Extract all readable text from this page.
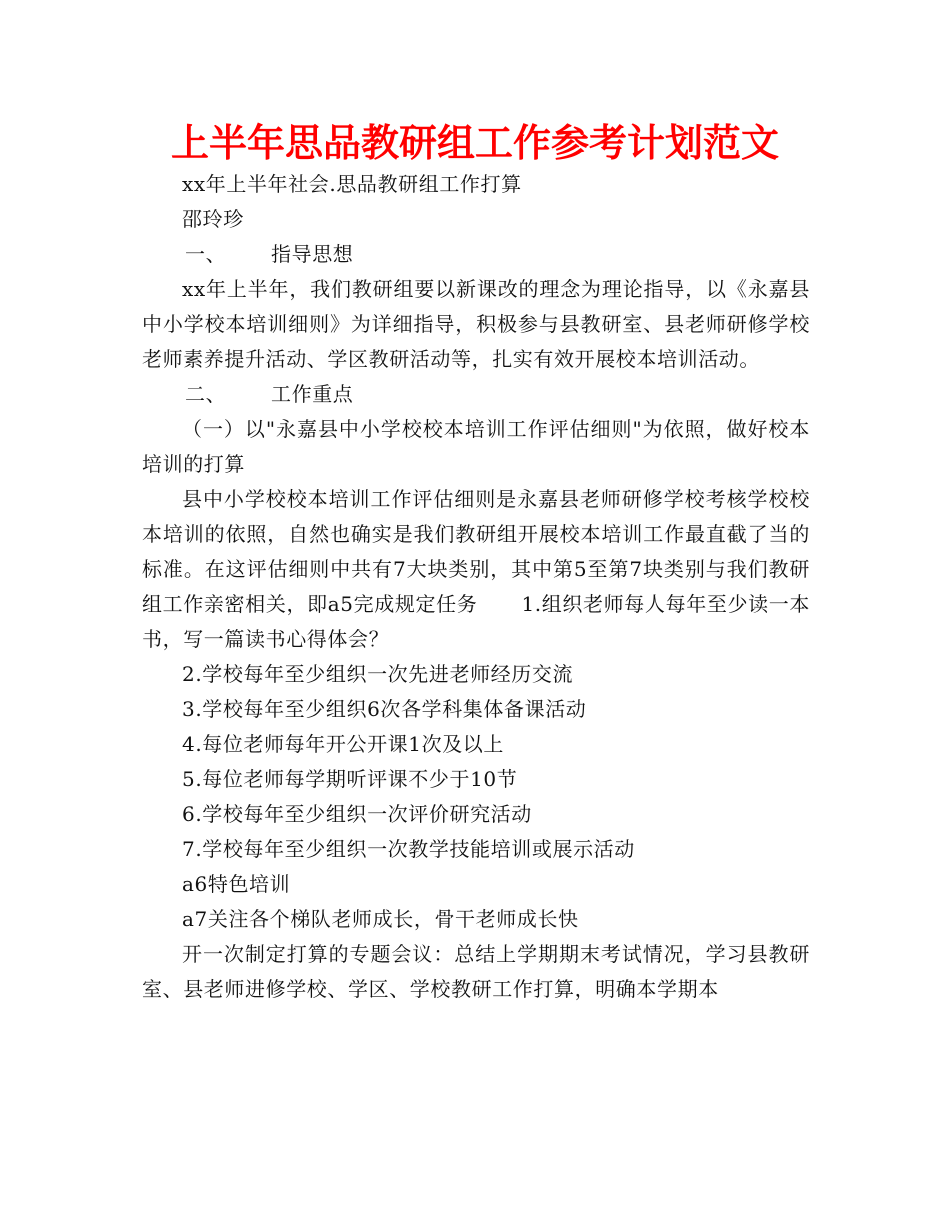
上半年思品教研组工作参考计划范文

xx年上半年社会.思品教研组工作打算

邵玲珍

一、 指导思想

xx年上半年，我们教研组要以新课改的理念为理论指导，以《永嘉县中小学校本培训细则》为详细指导，积极参与县教研室、县老师研修学校老师素养提升活动、学区教研活动等，扎实有效开展校本培训活动。

二、 工作重点

（一）以"永嘉县中小学校校本培训工作评估细则"为依照，做好校本培训的打算

县中小学校校本培训工作评估细则是永嘉县老师研修学校考核学校校本培训的依照，自然也确实是我们教研组开展校本培训工作最直截了当的标准。在这评估细则中共有7大块类别，其中第5至第7块类别与我们教研组工作亲密相关，即a5完成规定任务 1.组织老师每人每年至少读一本书，写一篇读书心得体会？

2.学校每年至少组织一次先进老师经历交流

3.学校每年至少组织6次各学科集体备课活动

4.每位老师每年开公开课1次及以上

5.每位老师每学期听评课不少于10节

6.学校每年至少组织一次评价研究活动

7.学校每年至少组织一次教学技能培训或展示活动

a6特色培训

a7关注各个梯队老师成长，骨干老师成长快

开一次制定打算的专题会议：总结上学期期末考试情况，学习县教研室、县老师进修学校、学区、学校教研工作打算，明确本学期本
